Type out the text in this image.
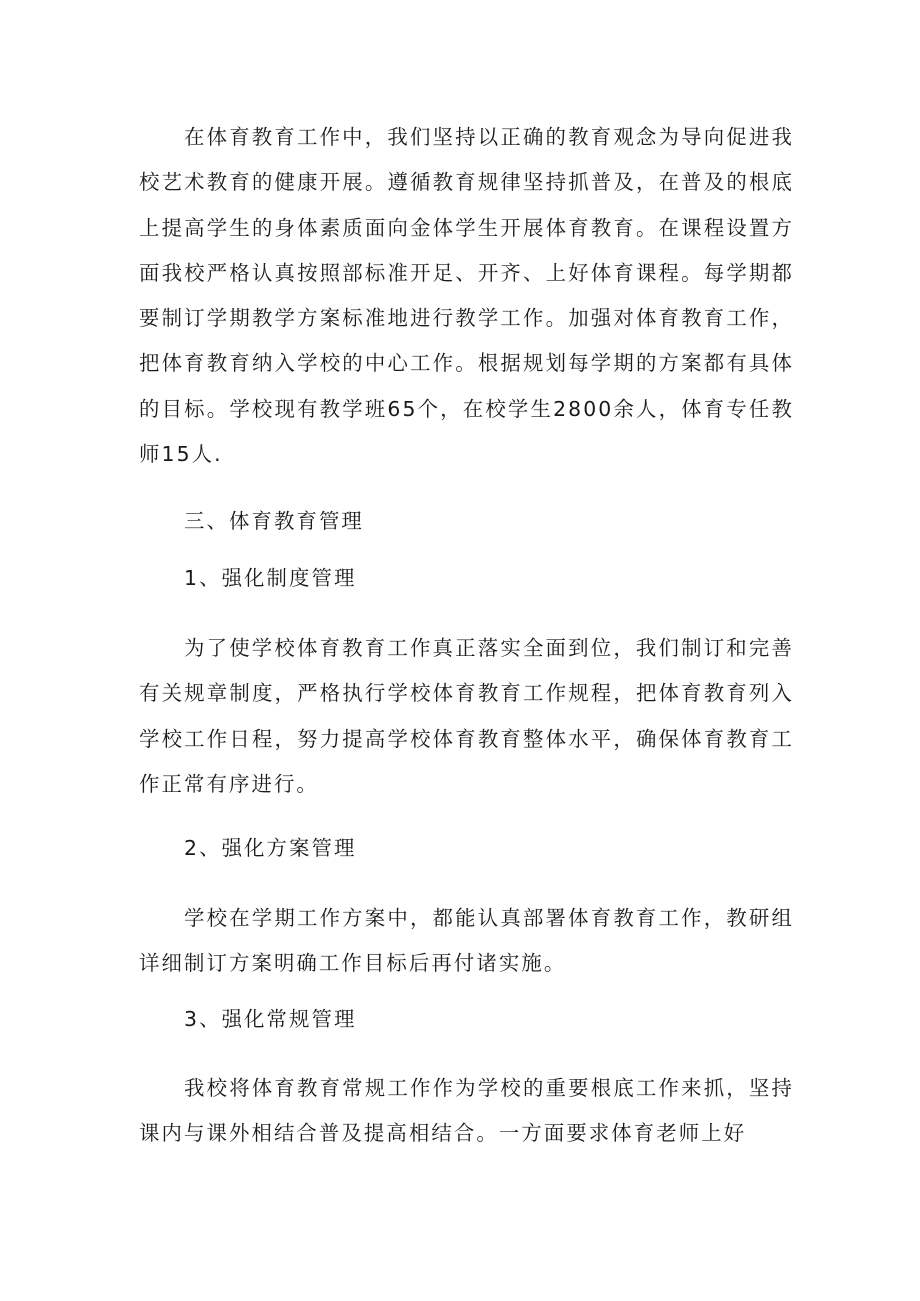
在体育教育工作中，我们坚持以正确的教育观念为导向促进我校艺术教育的健康开展。遵循教育规律坚持抓普及，在普及的根底上提高学生的身体素质面向金体学生开展体育教育。在课程设置方面我校严格认真按照部标准开足、开齐、上好体育课程。每学期都要制订学期教学方案标准地进行教学工作。加强对体育教育工作，把体育教育纳入学校的中心工作。根据规划每学期的方案都有具体的目标。学校现有教学班65个，在校学生2800余人，体育专任教师15人.

三、体育教育管理

1、强化制度管理

为了使学校体育教育工作真正落实全面到位，我们制订和完善有关规章制度，严格执行学校体育教育工作规程，把体育教育列入学校工作日程，努力提高学校体育教育整体水平，确保体育教育工作正常有序进行。

2、强化方案管理

学校在学期工作方案中，都能认真部署体育教育工作，教研组详细制订方案明确工作目标后再付诸实施。

3、强化常规管理

我校将体育教育常规工作作为学校的重要根底工作来抓，坚持课内与课外相结合普及提高相结合。一方面要求体育老师上好
